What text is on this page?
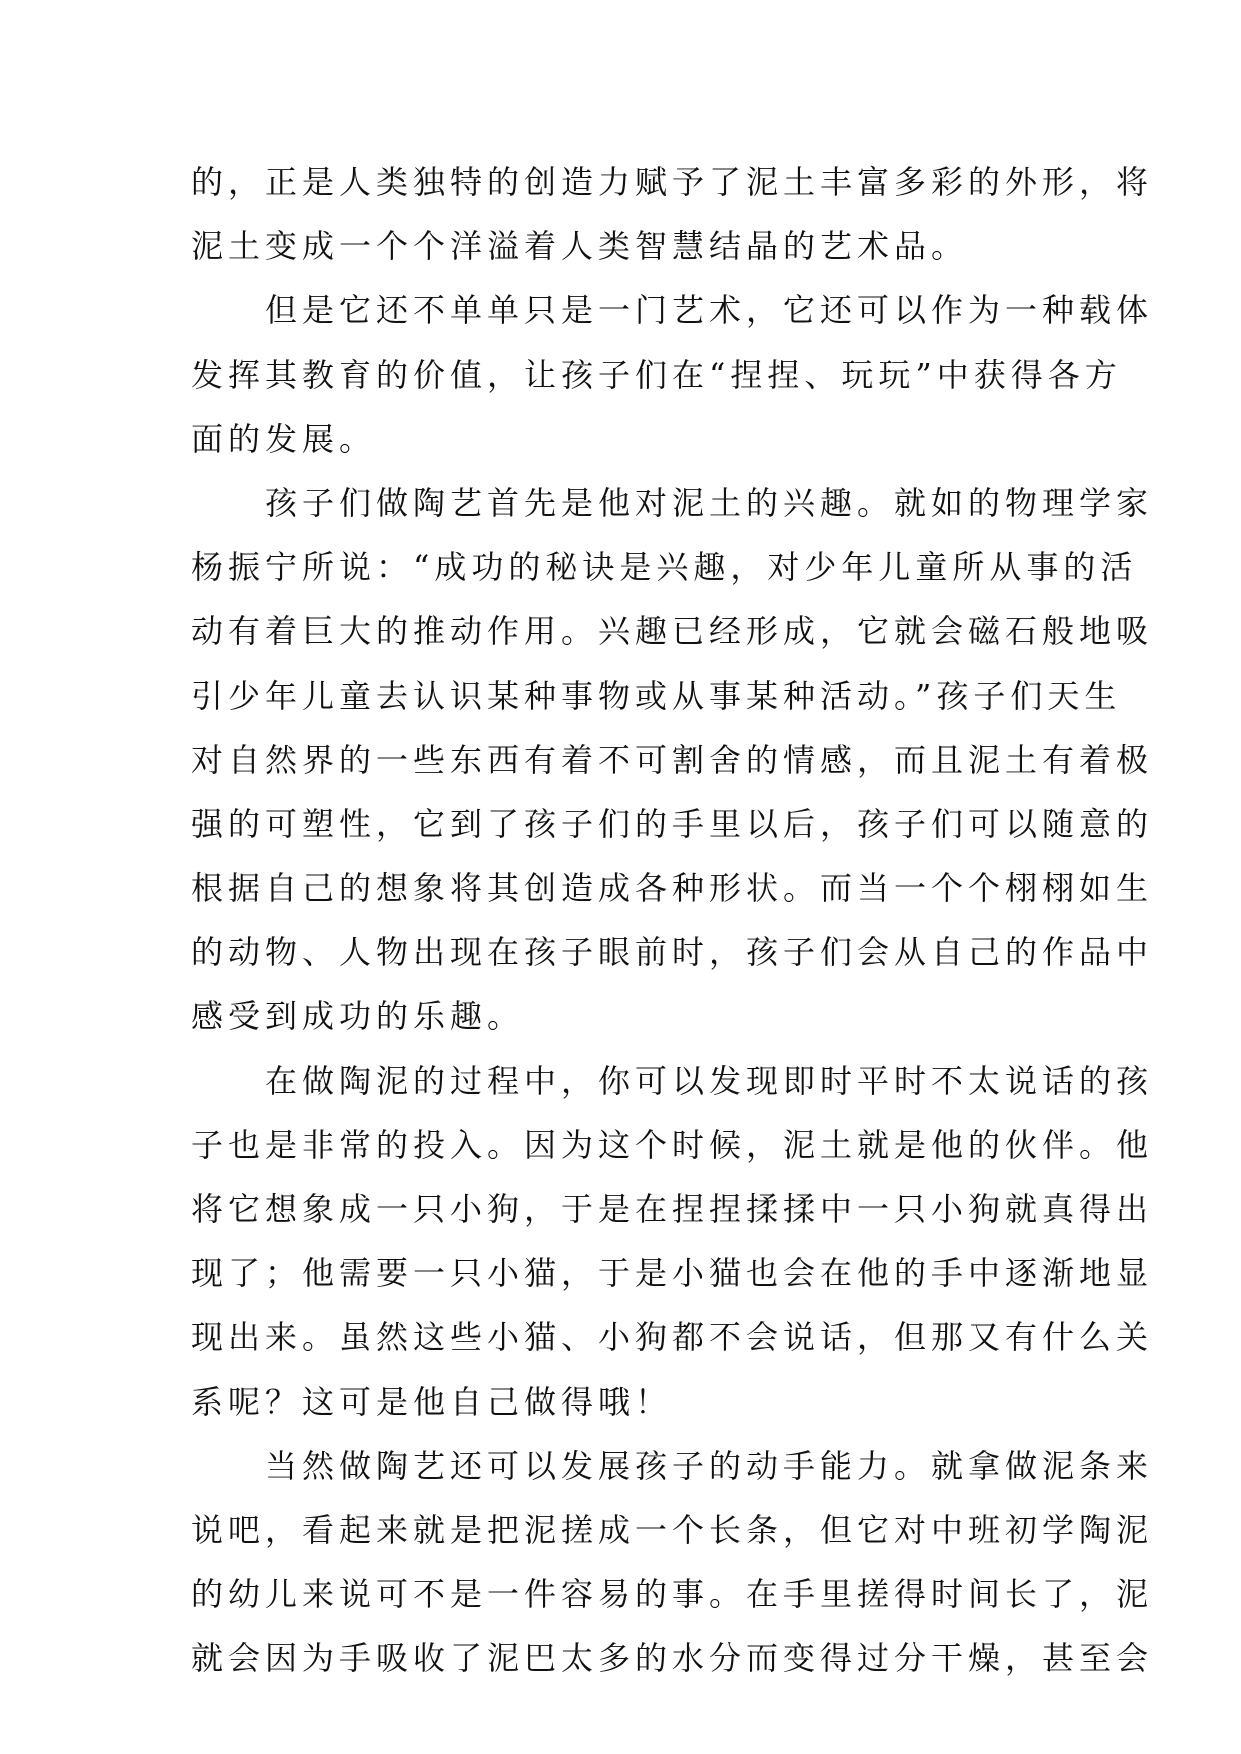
的，正是人类独特的创造力赋予了泥土丰富多彩的外形，将
泥土变成一个个洋溢着人类智慧结晶的艺术品。
但是它还不单单只是一门艺术，它还可以作为一种载体
发挥其教育的价值，让孩子们在“捏捏、玩玩”中获得各方
面的发展。
孩子们做陶艺首先是他对泥土的兴趣。就如的物理学家
杨振宁所说：“成功的秘诀是兴趣，对少年儿童所从事的活
动有着巨大的推动作用。兴趣已经形成，它就会磁石般地吸
引少年儿童去认识某种事物或从事某种活动。”孩子们天生
对自然界的一些东西有着不可割舍的情感，而且泥土有着极
强的可塑性，它到了孩子们的手里以后，孩子们可以随意的
根据自己的想象将其创造成各种形状。而当一个个栩栩如生
的动物、人物出现在孩子眼前时，孩子们会从自己的作品中
感受到成功的乐趣。
在做陶泥的过程中，你可以发现即时平时不太说话的孩
子也是非常的投入。因为这个时候，泥土就是他的伙伴。他
将它想象成一只小狗，于是在捏捏揉揉中一只小狗就真得出
现了；他需要一只小猫，于是小猫也会在他的手中逐渐地显
现出来。虽然这些小猫、小狗都不会说话，但那又有什么关
系呢？这可是他自己做得哦！
当然做陶艺还可以发展孩子的动手能力。就拿做泥条来
说吧，看起来就是把泥搓成一个长条，但它对中班初学陶泥
的幼儿来说可不是一件容易的事。在手里搓得时间长了，泥
就会因为手吸收了泥巴太多的水分而变得过分干燥，甚至会
